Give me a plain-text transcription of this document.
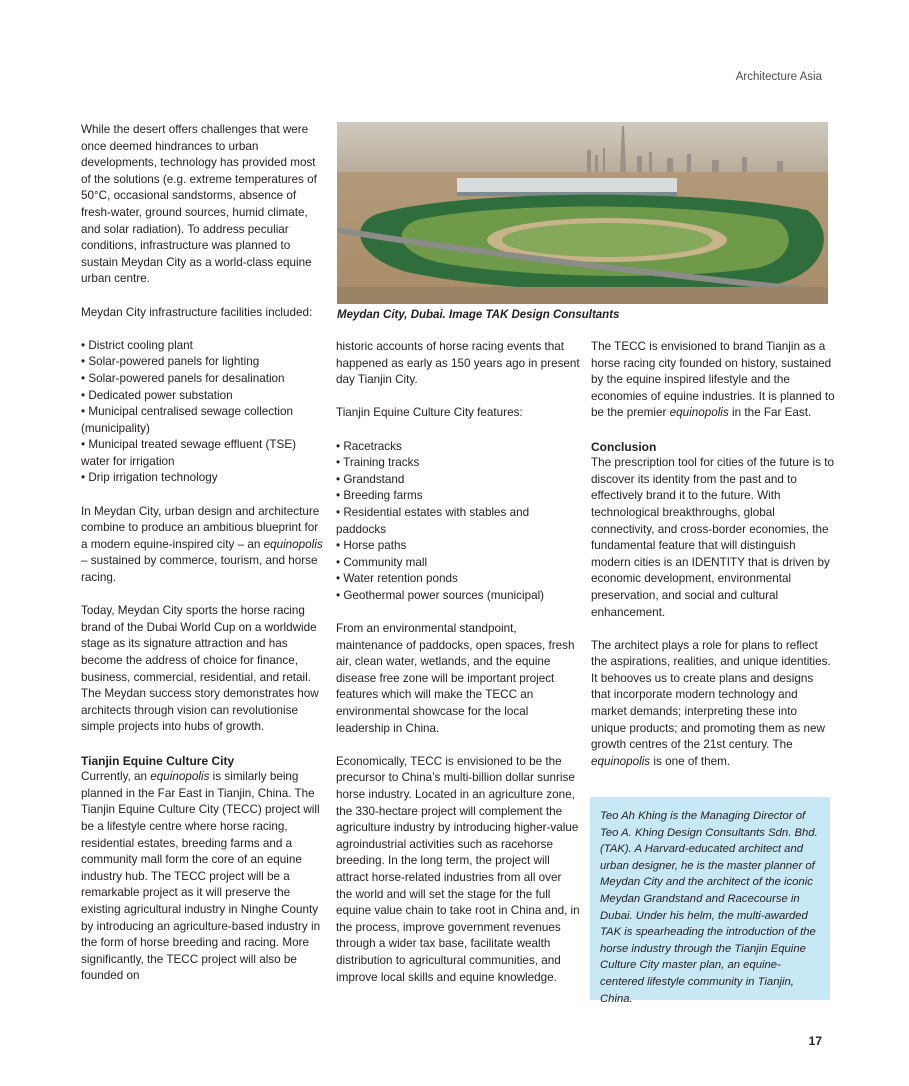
Architecture Asia

While the desert offers challenges that were once deemed hindrances to urban developments, technology has provided most of the solutions (e.g. extreme temperatures of 50°C, occasional sandstorms, absence of fresh-water, ground sources, humid climate, and solar radiation). To address peculiar conditions, infrastructure was planned to sustain Meydan City as a world-class equine urban centre.

Meydan City infrastructure facilities included:

• District cooling plant
• Solar-powered panels for lighting
• Solar-powered panels for desalination
• Dedicated power substation
• Municipal centralised sewage collection (municipality)
• Municipal treated sewage effluent (TSE) water for irrigation
• Drip irrigation technology

In Meydan City, urban design and architecture combine to produce an ambitious blueprint for a modern equine-inspired city – an equinopolis – sustained by commerce, tourism, and horse racing.

Today, Meydan City sports the horse racing brand of the Dubai World Cup on a worldwide stage as its signature attraction and has become the address of choice for finance, business, commercial, residential, and retail. The Meydan success story demonstrates how architects through vision can revolutionise simple projects into hubs of growth.

Tianjin Equine Culture City

Currently, an equinopolis is similarly being planned in the Far East in Tianjin, China. The Tianjin Equine Culture City (TECC) project will be a lifestyle centre where horse racing, residential estates, breeding farms and a community mall form the core of an equine industry hub. The TECC project will be a remarkable project as it will preserve the existing agricultural industry in Ninghe County by introducing an agriculture-based industry in the form of horse breeding and racing. More significantly, the TECC project will also be founded on

Meydan City, Dubai. Image TAK Design Consultants

historic accounts of horse racing events that happened as early as 150 years ago in present day Tianjin City.

Tianjin Equine Culture City features:

• Racetracks
• Training tracks
• Grandstand
• Breeding farms
• Residential estates with stables and paddocks
• Horse paths
• Community mall
• Water retention ponds
• Geothermal power sources (municipal)

From an environmental standpoint, maintenance of paddocks, open spaces, fresh air, clean water, wetlands, and the equine disease free zone will be important project features which will make the TECC an environmental showcase for the local leadership in China.

Economically, TECC is envisioned to be the precursor to China’s multi-billion dollar sunrise horse industry. Located in an agriculture zone, the 330-hectare project will complement the agriculture industry by introducing higher-value agroindustrial activities such as racehorse breeding. In the long term, the project will attract horse-related industries from all over the world and will set the stage for the full equine value chain to take root in China and, in the process, improve government revenues through a wider tax base, facilitate wealth distribution to agricultural communities, and improve local skills and equine knowledge.

The TECC is envisioned to brand Tianjin as a horse racing city founded on history, sustained by the equine inspired lifestyle and the economies of equine industries. It is planned to be the premier equinopolis in the Far East.

Conclusion

The prescription tool for cities of the future is to discover its identity from the past and to effectively brand it to the future. With technological breakthroughs, global connectivity, and cross-border economies, the fundamental feature that will distinguish modern cities is an IDENTITY that is driven by economic development, environmental preservation, and social and cultural enhancement.

The architect plays a role for plans to reflect the aspirations, realities, and unique identities. It behooves us to create plans and designs that incorporate modern technology and market demands; interpreting these into unique products; and promoting them as new growth centres of the 21st century. The equinopolis is one of them.

Teo Ah Khing is the Managing Director of Teo A. Khing Design Consultants Sdn. Bhd. (TAK). A Harvard-educated architect and urban designer, he is the master planner of Meydan City and the architect of the iconic Meydan Grandstand and Racecourse in Dubai. Under his helm, the multi-awarded TAK is spearheading the introduction of the horse industry through the Tianjin Equine Culture City master plan, an equine-centered lifestyle community in Tianjin, China.
17
